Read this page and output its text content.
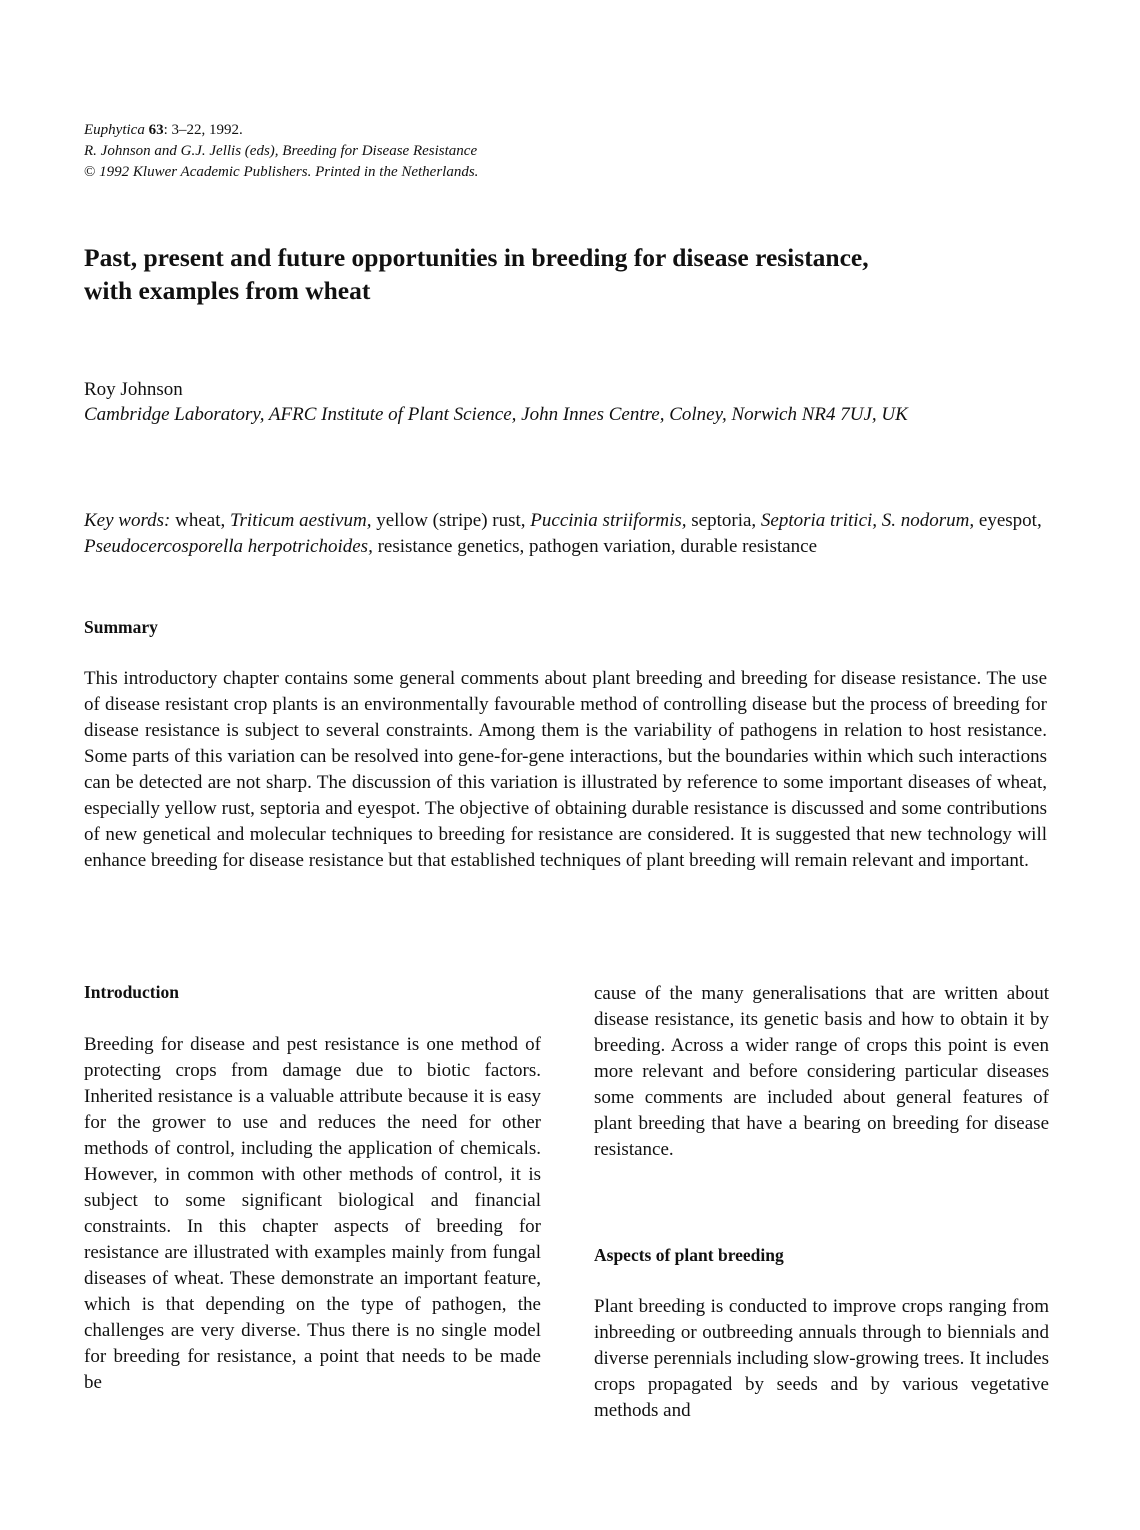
Euphytica 63: 3–22, 1992.
R. Johnson and G.J. Jellis (eds), Breeding for Disease Resistance
© 1992 Kluwer Academic Publishers. Printed in the Netherlands.
Past, present and future opportunities in breeding for disease resistance,
with examples from wheat
Roy Johnson
Cambridge Laboratory, AFRC Institute of Plant Science, John Innes Centre, Colney, Norwich NR4 7UJ, UK

Key words: wheat, Triticum aestivum, yellow (stripe) rust, Puccinia striiformis, septoria, Septoria tritici, S. nodorum, eyespot, Pseudocercosporella herpotrichoides, resistance genetics, pathogen variation, durable resistance

Summary

This introductory chapter contains some general comments about plant breeding and breeding for disease resistance. The use of disease resistant crop plants is an environmentally favourable method of controlling disease but the process of breeding for disease resistance is subject to several constraints. Among them is the variability of pathogens in relation to host resistance. Some parts of this variation can be resolved into gene-for-gene interactions, but the boundaries within which such interactions can be detected are not sharp. The discussion of this variation is illustrated by reference to some important diseases of wheat, especially yellow rust, septoria and eyespot. The objective of obtaining durable resistance is discussed and some contributions of new genetical and molecular techniques to breeding for resistance are considered. It is suggested that new technology will enhance breeding for disease resistance but that established techniques of plant breeding will remain relevant and important.

Introduction

Breeding for disease and pest resistance is one method of protecting crops from damage due to biotic factors. Inherited resistance is a valuable attribute because it is easy for the grower to use and reduces the need for other methods of control, including the application of chemicals. However, in common with other methods of control, it is subject to some significant biological and financial constraints. In this chapter aspects of breeding for resistance are illustrated with examples mainly from fungal diseases of wheat. These demonstrate an important feature, which is that depending on the type of pathogen, the challenges are very diverse. Thus there is no single model for breeding for resistance, a point that needs to be made be

cause of the many generalisations that are written about disease resistance, its genetic basis and how to obtain it by breeding. Across a wider range of crops this point is even more relevant and before considering particular diseases some comments are included about general features of plant breeding that have a bearing on breeding for disease resistance.

Aspects of plant breeding

Plant breeding is conducted to improve crops ranging from inbreeding or outbreeding annuals through to biennials and diverse perennials including slow-growing trees. It includes crops propagated by seeds and by various vegetative methods and
